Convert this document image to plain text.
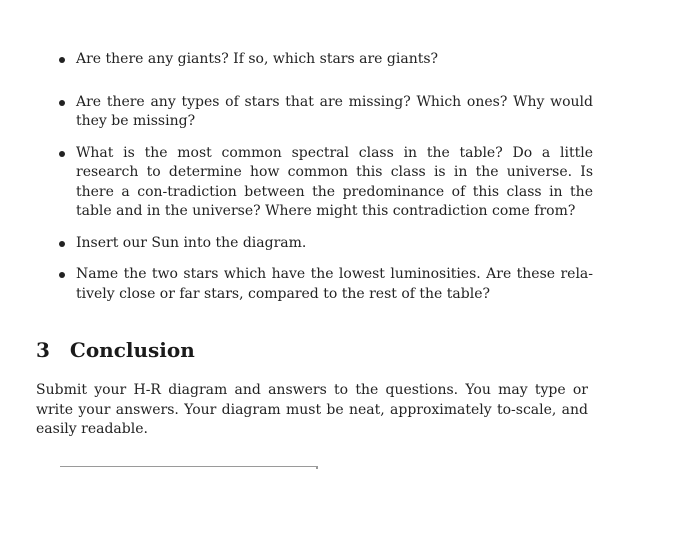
Are there any giants? If so, which stars are giants?
Are there any types of stars that are missing? Which ones? Why would they be missing?
What is the most common spectral class in the table? Do a little research to determine how common this class is in the universe. Is there a con-tradiction between the predominance of this class in the table and in the universe? Where might this contradiction come from?
Insert our Sun into the diagram.
Name the two stars which have the lowest luminosities. Are these rela-tively close or far stars, compared to the rest of the table?
3 Conclusion

Submit your H-R diagram and answers to the questions. You may type or write your answers. Your diagram must be neat, approximately to-scale, and easily readable.
